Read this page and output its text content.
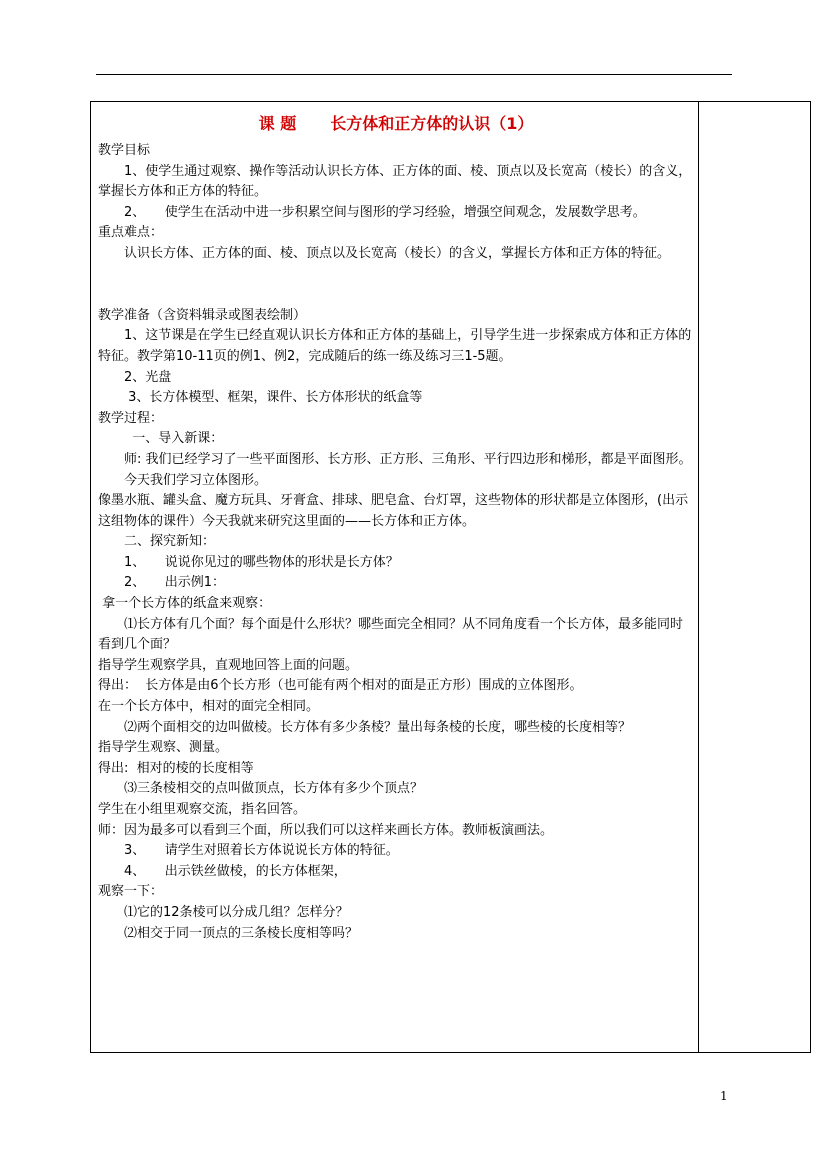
课 题 长方体和正方体的认识（1）
教学目标
1、使学生通过观察、操作等活动认识长方体、正方体的面、棱、顶点以及长宽高（棱长）的含义，掌握长方体和正方体的特征。
2、　　使学生在活动中进一步积累空间与图形的学习经验，增强空间观念，发展数学思考。
重点难点：
认识长方体、正方体的面、棱、顶点以及长宽高（棱长）的含义，掌握长方体和正方体的特征。
教学准备（含资料辑录或图表绘制）
1、这节课是在学生已经直观认识长方体和正方体的基础上，引导学生进一步探索成方体和正方体的特征。教学第10-11页的例1、例2，完成随后的练一练及练习三1-5题。
2、光盘
3、长方体模型、框架，课件、长方体形状的纸盒等
教学过程：
一、导入新课：
师: 我们已经学习了一些平面图形、长方形、正方形、三角形、平行四边形和梯形，都是平面图形。
今天我们学习立体图形。
像墨水瓶、罐头盒、魔方玩具、牙膏盒、排球、肥皂盒、台灯罩，这些物体的形状都是立体图形，(出示这组物体的课件）今天我就来研究这里面的——长方体和正方体。
二、探究新知：
1、　　说说你见过的哪些物体的形状是长方体？
2、　　出示例1：
拿一个长方体的纸盒来观察：
⑴长方体有几个面？每个面是什么形状？哪些面完全相同？从不同角度看一个长方体，最多能同时看到几个面？
指导学生观察学具，直观地回答上面的问题。
得出：  长方体是由6个长方形（也可能有两个相对的面是正方形）围成的立体图形。
在一个长方体中，相对的面完全相同。
⑵两个面相交的边叫做棱。长方体有多少条棱？量出每条棱的长度，哪些棱的长度相等？
指导学生观察、测量。
得出:  相对的棱的长度相等
⑶三条棱相交的点叫做顶点，长方体有多少个顶点？
学生在小组里观察交流，指名回答。
师：因为最多可以看到三个面，所以我们可以这样来画长方体。教师板演画法。
3、　　请学生对照着长方体说说长方体的特征。
4、　　出示铁丝做棱，的长方体框架，
观察一下：
⑴它的12条棱可以分成几组？怎样分？
⑵相交于同一顶点的三条棱长度相等吗？
1
